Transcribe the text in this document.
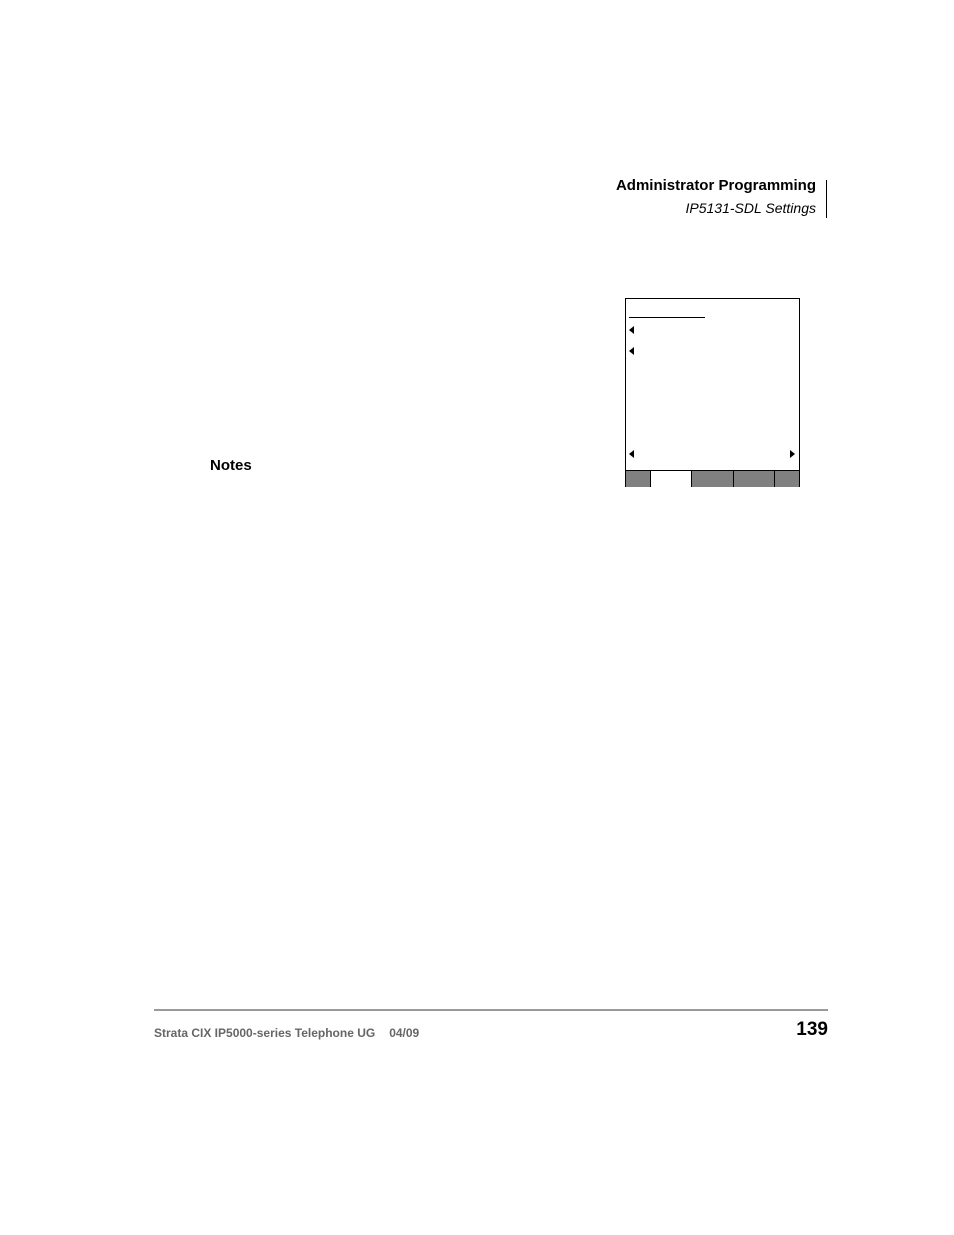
Administrator Programming
IP5131-SDL Settings
Notes
Strata CIX IP5000-series Telephone UG 04/09	139
